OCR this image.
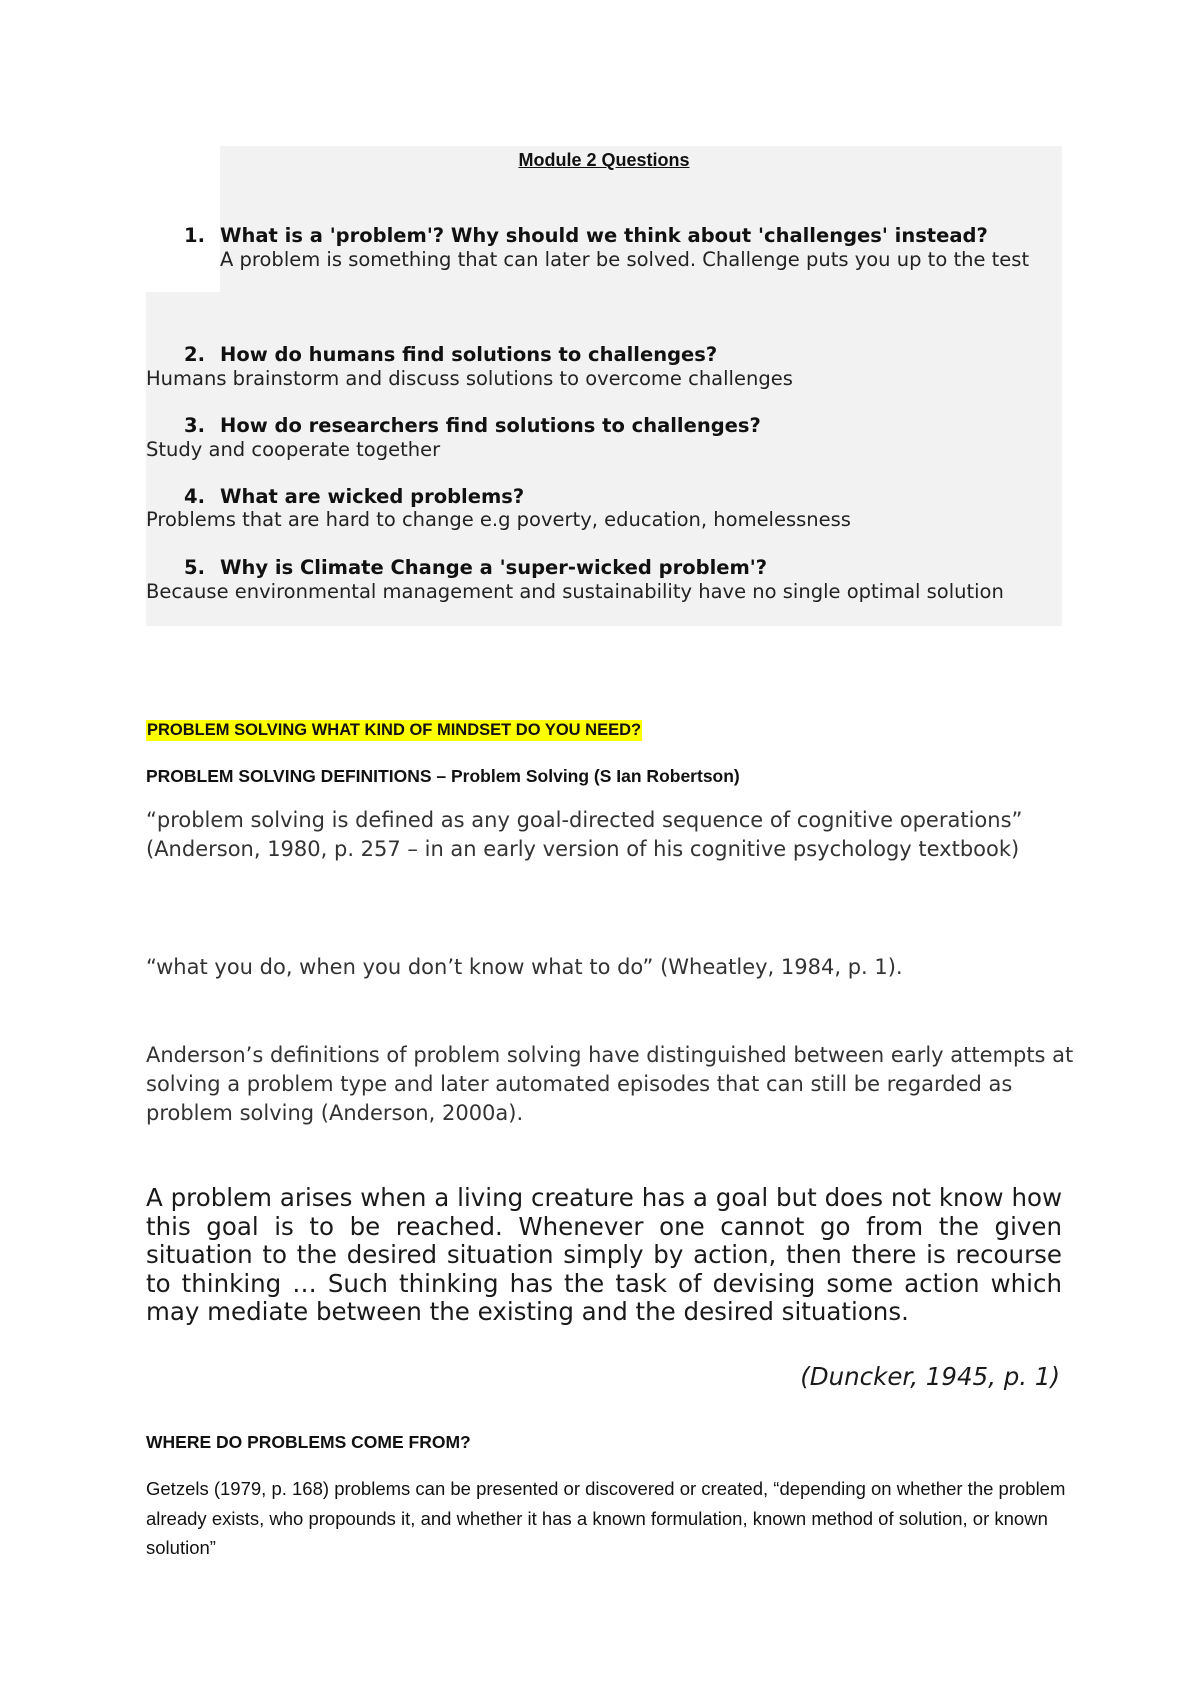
Module 2 Questions
1. What is a 'problem'? Why should we think about 'challenges' instead?
A problem is something that can later be solved. Challenge puts you up to the test
2. How do humans find solutions to challenges?
Humans brainstorm and discuss solutions to overcome challenges
3. How do researchers find solutions to challenges?
Study and cooperate together
4. What are wicked problems?
Problems that are hard to change e.g poverty, education, homelessness
5. Why is Climate Change a 'super-wicked problem'?
Because environmental management and sustainability have no single optimal solution
PROBLEM SOLVING WHAT KIND OF MINDSET DO YOU NEED?
PROBLEM SOLVING DEFINITIONS – Problem Solving (S Ian Robertson)
“problem solving is defined as any goal-directed sequence of cognitive operations” (Anderson, 1980, p. 257 – in an early version of his cognitive psychology textbook)
“what you do, when you don’t know what to do” (Wheatley, 1984, p. 1).
Anderson’s definitions of problem solving have distinguished between early attempts at solving a problem type and later automated episodes that can still be regarded as problem solving (Anderson, 2000a).
A problem arises when a living creature has a goal but does not know how this goal is to be reached. Whenever one cannot go from the given situation to the desired situation simply by action, then there is recourse to thinking … Such thinking has the task of devising some action which may mediate between the existing and the desired situations.
(Duncker, 1945, p. 1)
WHERE DO PROBLEMS COME FROM?
Getzels (1979, p. 168) problems can be presented or discovered or created, “depending on whether the problem already exists, who propounds it, and whether it has a known formulation, known method of solution, or known solution”
